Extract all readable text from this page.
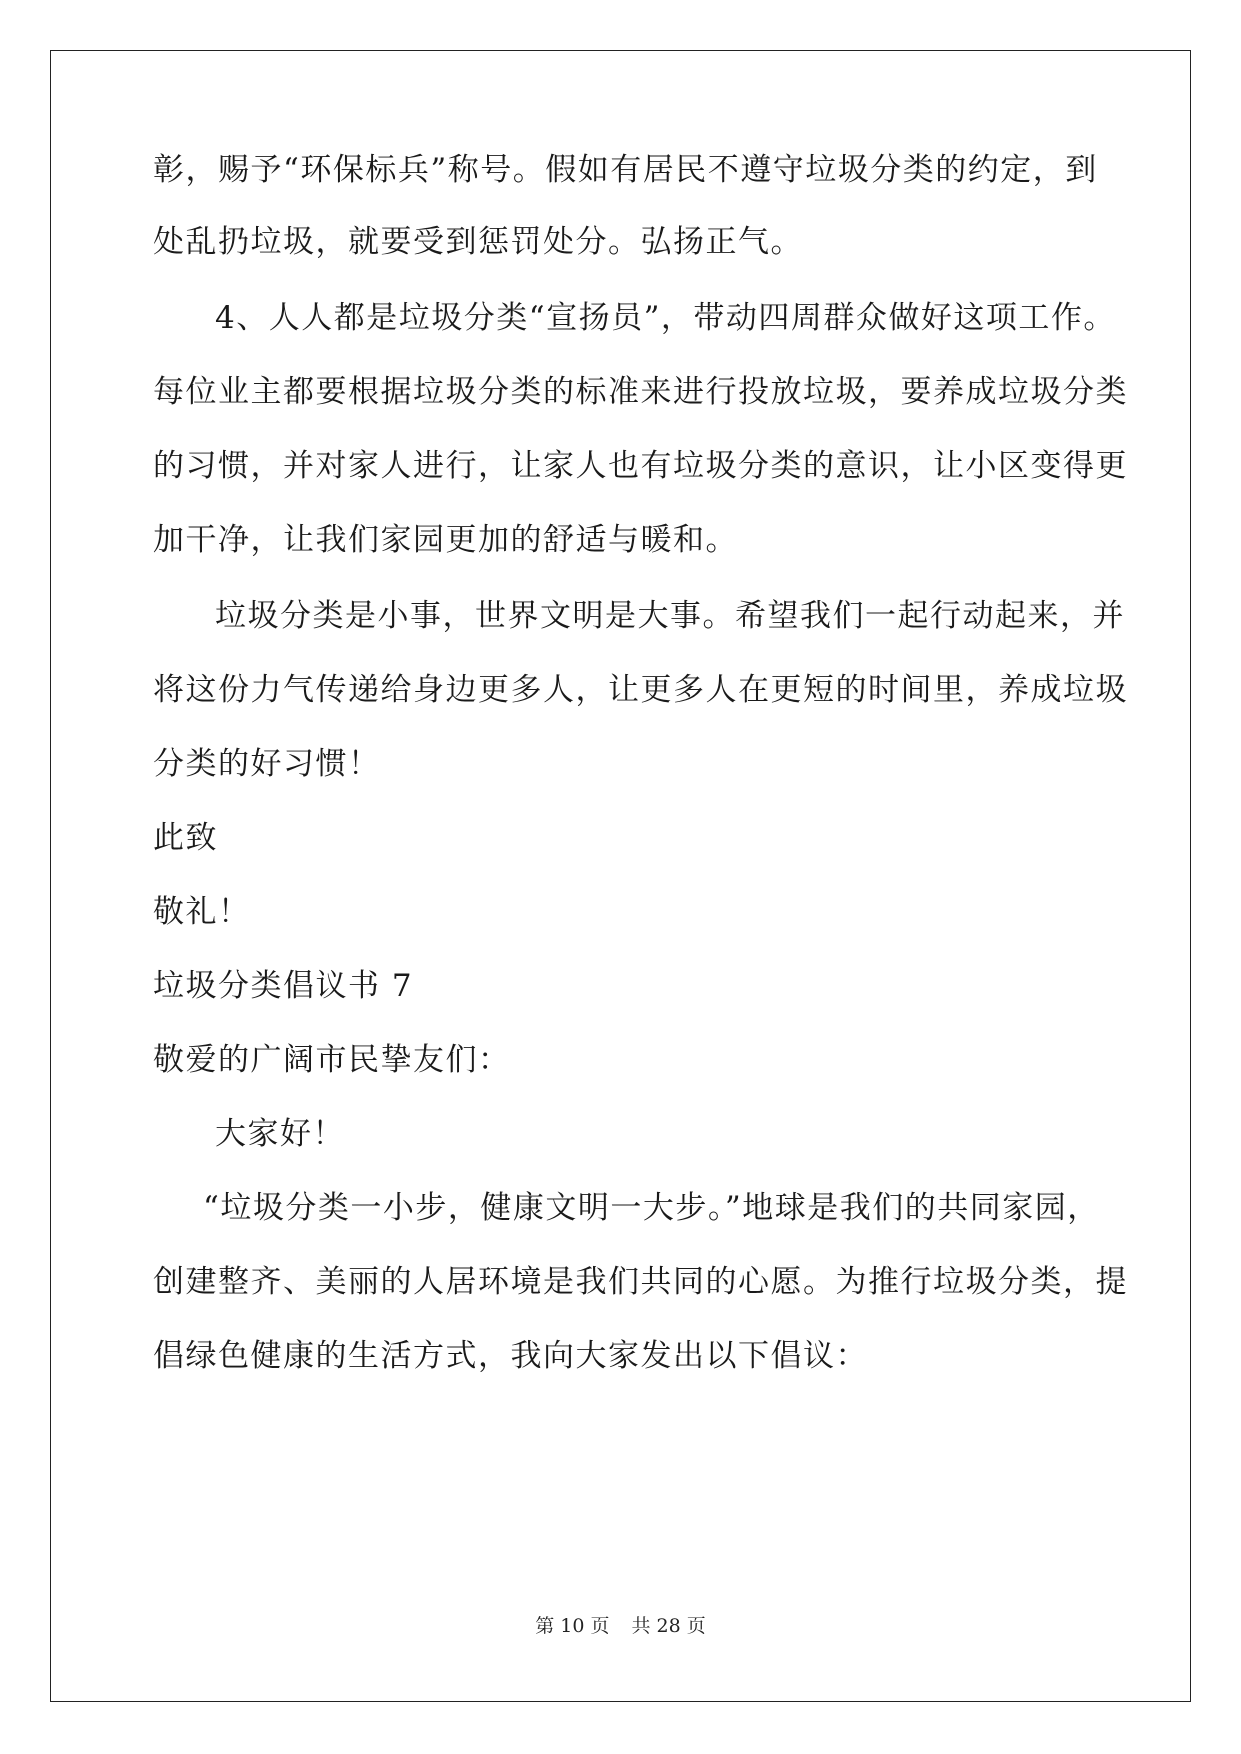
彰，赐予“环保标兵”称号。假如有居民不遵守垃圾分类的约定，到
处乱扔垃圾，就要受到惩罚处分。弘扬正气。
4、人人都是垃圾分类“宣扬员”，带动四周群众做好这项工作。
每位业主都要根据垃圾分类的标准来进行投放垃圾，要养成垃圾分类
的习惯，并对家人进行，让家人也有垃圾分类的意识，让小区变得更
加干净，让我们家园更加的舒适与暖和。
垃圾分类是小事，世界文明是大事。希望我们一起行动起来，并
将这份力气传递给身边更多人，让更多人在更短的时间里，养成垃圾
分类的好习惯！
此致
敬礼！
垃圾分类倡议书 7
敬爱的广阔市民挚友们：
大家好！
“垃圾分类一小步，健康文明一大步。”地球是我们的共同家园，
创建整齐、美丽的人居环境是我们共同的心愿。为推行垃圾分类，提
倡绿色健康的生活方式，我向大家发出以下倡议：
第 10 页 共 28 页
